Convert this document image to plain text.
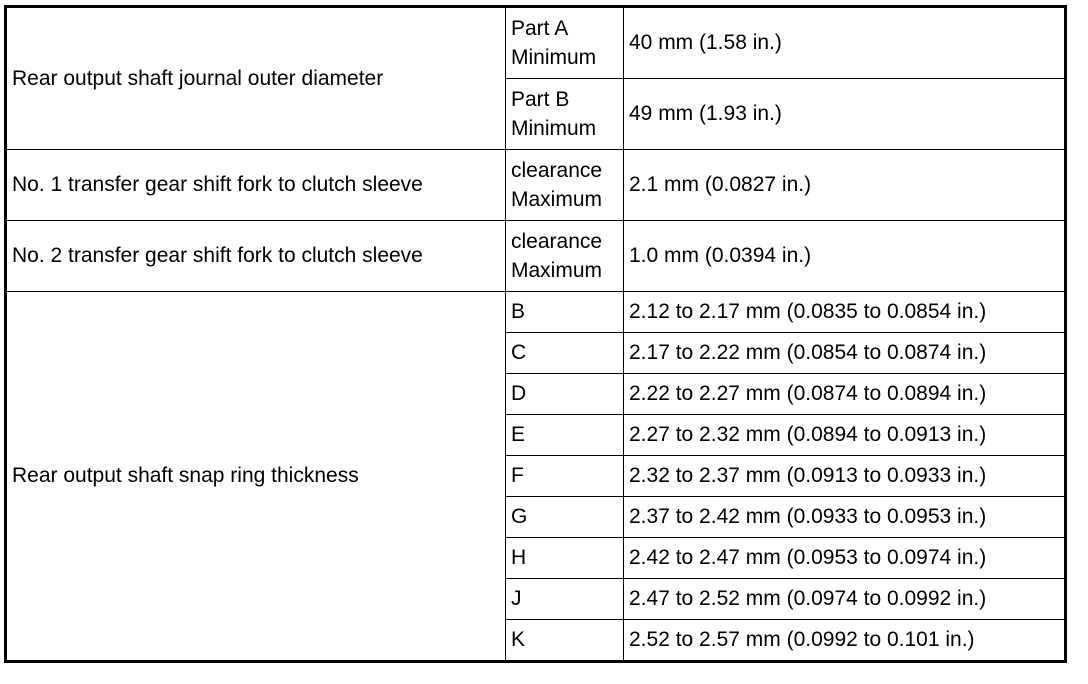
Rear output shaft journal outer diameter	Part A
Minimum	40 mm (1.58 in.)

	Part B
Minimum	49 mm (1.93 in.)
No. 1 transfer gear shift fork to clutch sleeve	clearance
Maximum	2.1 mm (0.0827 in.)
No. 2 transfer gear shift fork to clutch sleeve	clearance
Maximum	1.0 mm (0.0394 in.)
Rear output shaft snap ring thickness	B	2.12 to 2.17 mm (0.0835 to 0.0854 in.)
	C	2.17 to 2.22 mm (0.0854 to 0.0874 in.)
	D	2.22 to 2.27 mm (0.0874 to 0.0894 in.)
	E	2.27 to 2.32 mm (0.0894 to 0.0913 in.)
	F	2.32 to 2.37 mm (0.0913 to 0.0933 in.)
	G	2.37 to 2.42 mm (0.0933 to 0.0953 in.)
	H	2.42 to 2.47 mm (0.0953 to 0.0974 in.)
	J	2.47 to 2.52 mm (0.0974 to 0.0992 in.)
	K	2.52 to 2.57 mm (0.0992 to 0.101 in.)
